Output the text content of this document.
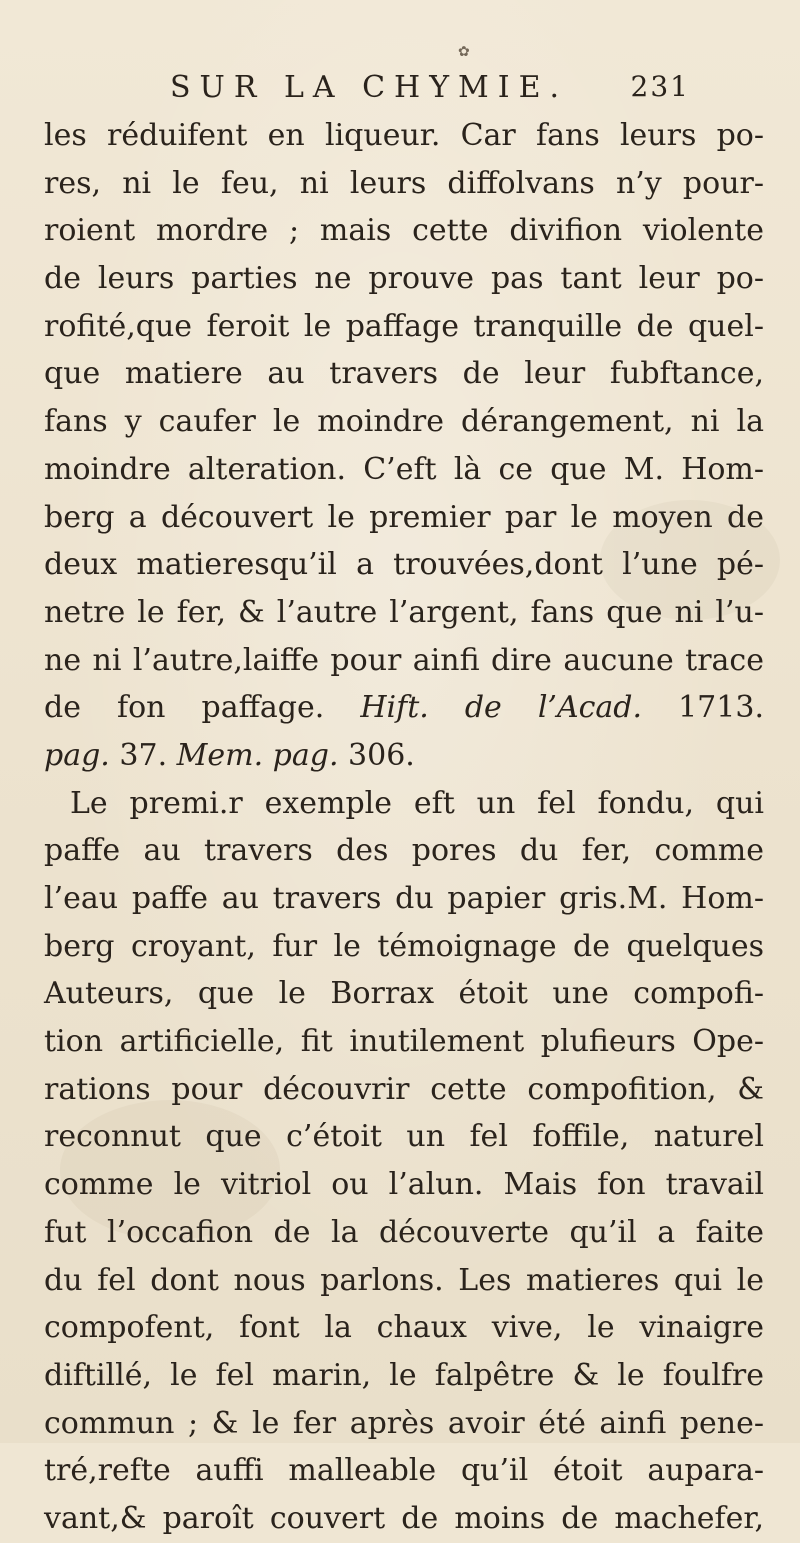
✿
SUR LA CHYMIE. 231
les réduifent en liqueur. Car fans leurs po-
res, ni le feu, ni leurs diffolvans n’y pour-
roient mordre ; mais cette divifion violente
de leurs parties ne prouve pas tant leur po-
rofité,que feroit le paffage tranquille de quel-
que matiere au travers de leur fubftance,
fans y caufer le moindre dérangement, ni la
moindre alteration. C’eft là ce que M. Hom-
berg a découvert le premier par le moyen de
deux matieresqu’il a trouvées,dont l’une pé-
netre le fer, & l’autre l’argent, fans que ni l’u-
ne ni l’autre,laiffe pour ainfi dire aucune trace
de fon paffage. Hift. de l’Acad. 1713.
pag. 37. Mem. pag. 306.
Le premi.r exemple eft un fel fondu, qui
paffe au travers des pores du fer, comme
l’eau paffe au travers du papier gris.M. Hom-
berg croyant, fur le témoignage de quelques
Auteurs, que le Borrax étoit une compofi-
tion artificielle, fit inutilement plufieurs Ope-
rations pour découvrir cette compofition, &
reconnut que c’étoit un fel foffile, naturel
comme le vitriol ou l’alun. Mais fon travail
fut l’occafion de la découverte qu’il a faite
du fel dont nous parlons. Les matieres qui le
compofent, font la chaux vive, le vinaigre
diftillé, le fel marin, le falpêtre & le foulfre
commun ; & le fer après avoir été ainfi pene-
tré,refte auffi malleable qu’il étoit aupara-
vant,& paroît couvert de moins de machefer,
